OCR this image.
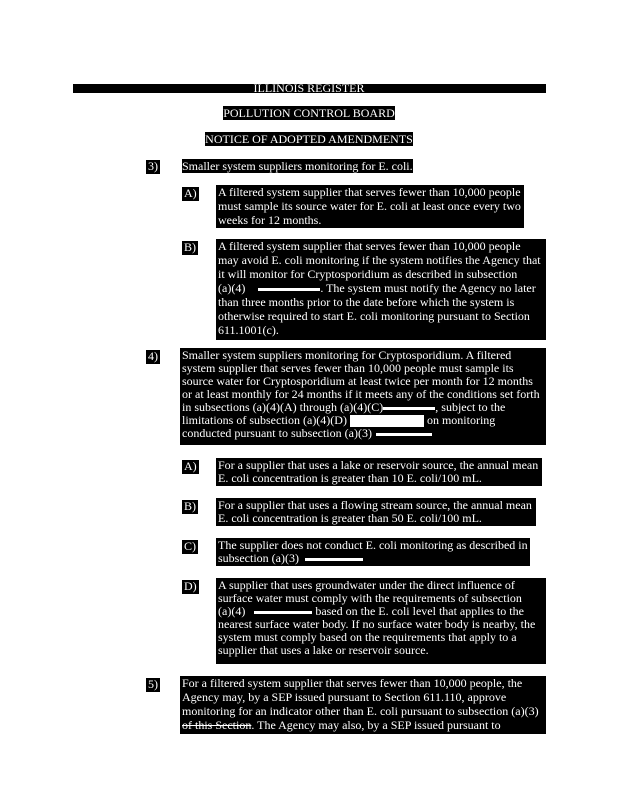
ILLINOIS REGISTER
POLLUTION CONTROL BOARD
NOTICE OF ADOPTED AMENDMENTS
3) Smaller system suppliers monitoring for E. coli.
A) A filtered system supplier that serves fewer than 10,000 people
must sample its source water for E. coli at least once every two
weeks for 12 months.
B) A filtered system supplier that serves fewer than 10,000 people
may avoid E. coli monitoring if the system notifies the Agency that
it will monitor for Cryptosporidium as described in subsection
(a)(4)	. The system must notify the Agency no later
than three months prior to the date before which the system is
otherwise required to start E. coli monitoring pursuant to Section
611.1001(c).
4) Smaller system suppliers monitoring for Cryptosporidium. A filtered
system supplier that serves fewer than 10,000 people must sample its
source water for Cryptosporidium at least twice per month for 12 months
or at least monthly for 24 months if it meets any of the conditions set forth
in subsections (a)(4)(A) through (a)(4)(C)	, subject to the
limitations of subsection (a)(4)(D)	on monitoring
conducted pursuant to subsection (a)(3)
A) For a supplier that uses a lake or reservoir source, the annual mean
E. coli concentration is greater than 10 E. coli/100 mL.
B) For a supplier that uses a flowing stream source, the annual mean
E. coli concentration is greater than 50 E. coli/100 mL.
C) The supplier does not conduct E. coli monitoring as described in
subsection (a)(3)
D) A supplier that uses groundwater under the direct influence of
surface water must comply with the requirements of subsection
(a)(4)	based on the E. coli level that applies to the
nearest surface water body. If no surface water body is nearby, the
system must comply based on the requirements that apply to a
supplier that uses a lake or reservoir source.
5) For a filtered system supplier that serves fewer than 10,000 people, the
Agency may, by a SEP issued pursuant to Section 611.110, approve
monitoring for an indicator other than E. coli pursuant to subsection (a)(3)
of this Section. The Agency may also, by a SEP issued pursuant to
